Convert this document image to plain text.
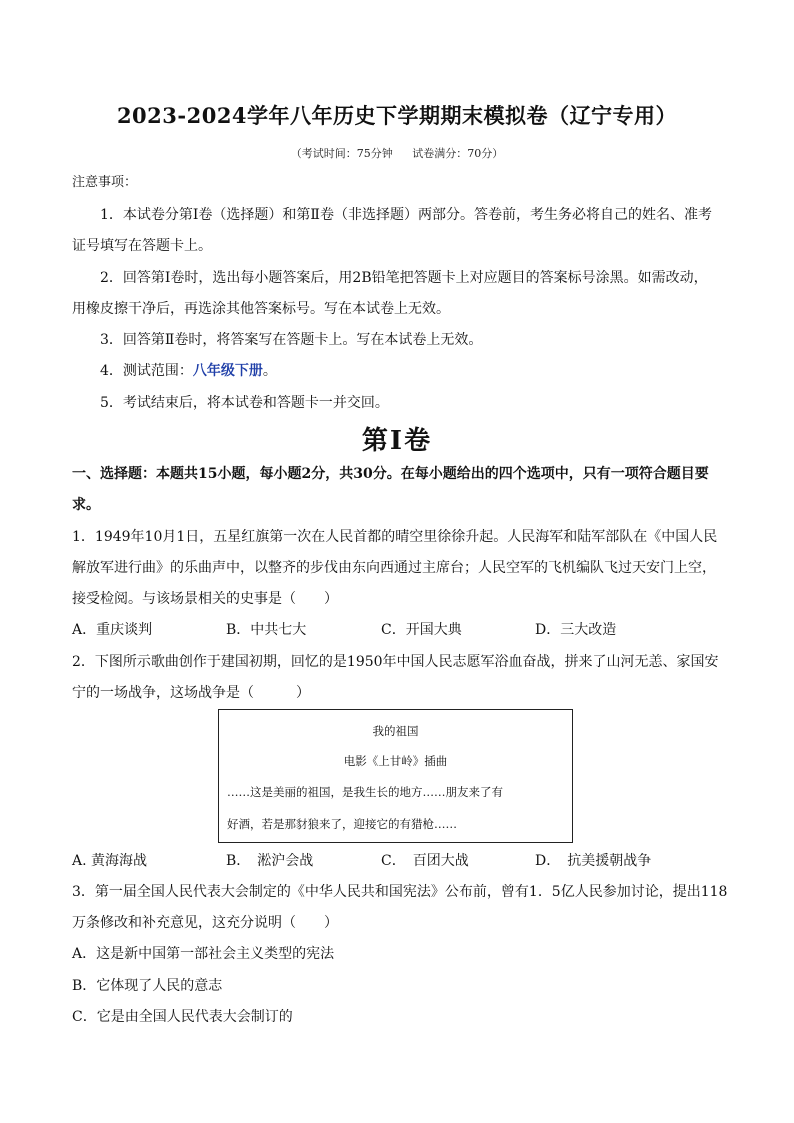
2023-2024学年八年历史下学期期末模拟卷（辽宁专用）
（考试时间：75分钟 试卷满分：70分）
注意事项：
1．本试卷分第Ⅰ卷（选择题）和第Ⅱ卷（非选择题）两部分。答卷前，考生务必将自己的姓名、准考
证号填写在答题卡上。
2．回答第Ⅰ卷时，选出每小题答案后，用2B铅笔把答题卡上对应题目的答案标号涂黑。如需改动，
用橡皮擦干净后，再选涂其他答案标号。写在本试卷上无效。
3．回答第Ⅱ卷时，将答案写在答题卡上。写在本试卷上无效。
4．测试范围：八年级下册。
5．考试结束后，将本试卷和答题卡一并交回。
第Ⅰ卷
一、选择题：本题共15小题，每小题2分，共30分。在每小题给出的四个选项中，只有一项符合题目要
求。
1．1949年10月1日，五星红旗第一次在人民首都的晴空里徐徐升起。人民海军和陆军部队在《中国人民
解放军进行曲》的乐曲声中，以整齐的步伐由东向西通过主席台；人民空军的飞机编队飞过天安门上空，
接受检阅。与该场景相关的史事是（　　）
A．重庆谈判	B．中共七大	C．开国大典	D．三大改造
2．下图所示歌曲创作于建国初期，回忆的是1950年中国人民志愿军浴血奋战，拼来了山河无恙、家国安
宁的一场战争，这场战争是（　　　）
我的祖国
电影《上甘岭》插曲
……这是美丽的祖国，是我生长的地方……朋友来了有
好酒，若是那豺狼来了，迎接它的有猎枪……
A. 黄海海战	B．　淞沪会战	C．　百团大战	D．　抗美援朝战争
3．第一届全国人民代表大会制定的《中华人民共和国宪法》公布前，曾有1．5亿人民参加讨论，提出118
万条修改和补充意见，这充分说明（　　）
A．这是新中国第一部社会主义类型的宪法
B．它体现了人民的意志
C．它是由全国人民代表大会制订的
